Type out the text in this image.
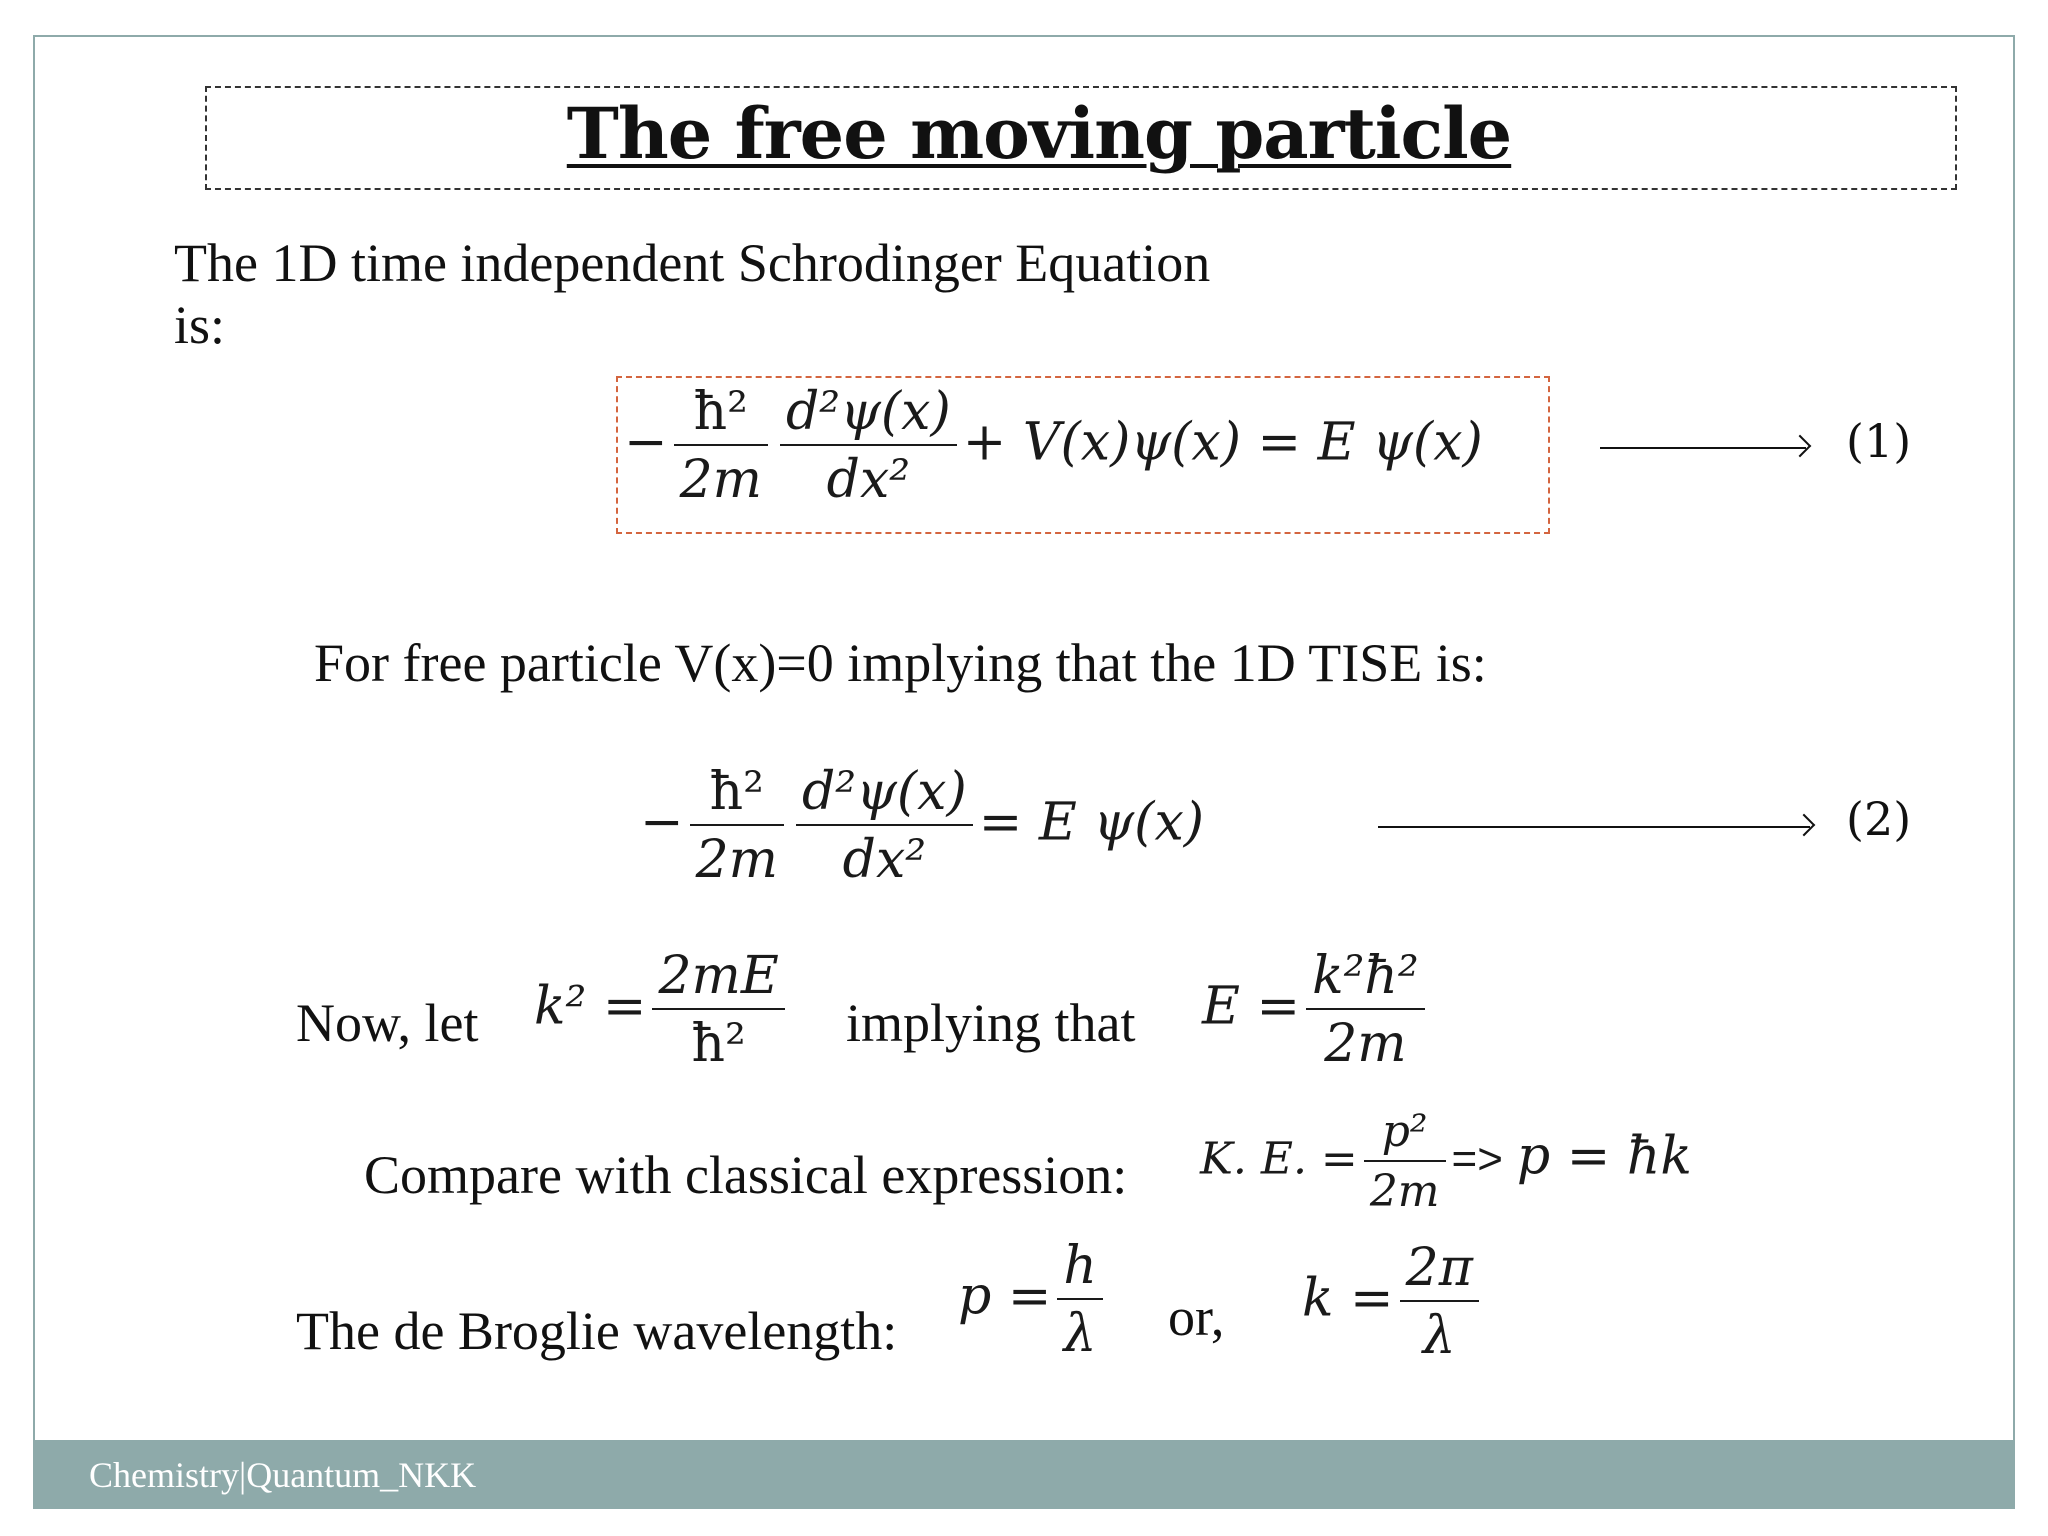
The free moving particle
The 1D time independent Schrodinger Equation
is:
− $\frac{\text{ħ²}}{2m} \frac{\text{d²ψ(x)}}{\text{dx²}} + V(x)\psi(x) = E$ ψ(x)	(1)
For free particle V(x)=0 implying that the 1D TISE is:
− $\frac{\text{ħ²}}{2m} \frac{\text{d²ψ(x)}}{\text{dx²}} = E$ ψ(x)	(2)
Now, let $k^2 = \frac{2mE}{\text{ħ²}}$ implying that $E = \frac{\text{k²ħ²}}{2m}$
Compare with classical expression: K. E. = $\frac{\text{p²}}{2m} => p$ = ħk
The de Broglie wavelength:
$p = \frac{h}{\lambda}$ or, $k = \frac{2\pi}{\lambda}$
Chemistry|Quantum_NKK
